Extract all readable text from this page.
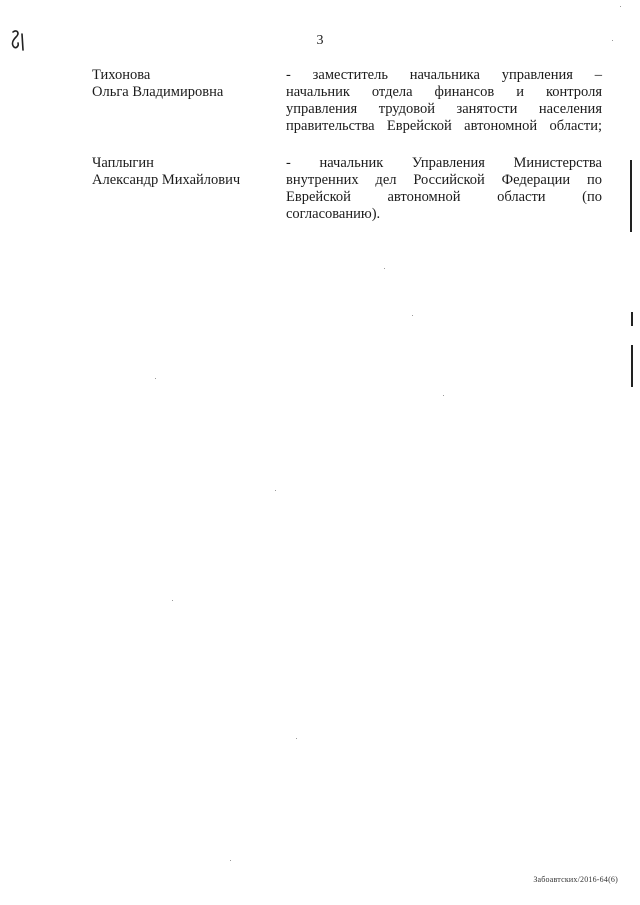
3
Тихонова
Ольга Владимировна
- заместитель начальника управления –
начальник отдела финансов и контроля
управления трудовой занятости населения
правительства Еврейской автономной области;
Чаплыгин
Александр Михайлович
- начальник Управления Министерства
внутренних дел Российской Федерации по
Еврейской автономной области (по
согласованию).
Забоавтских/2016-64(6)
